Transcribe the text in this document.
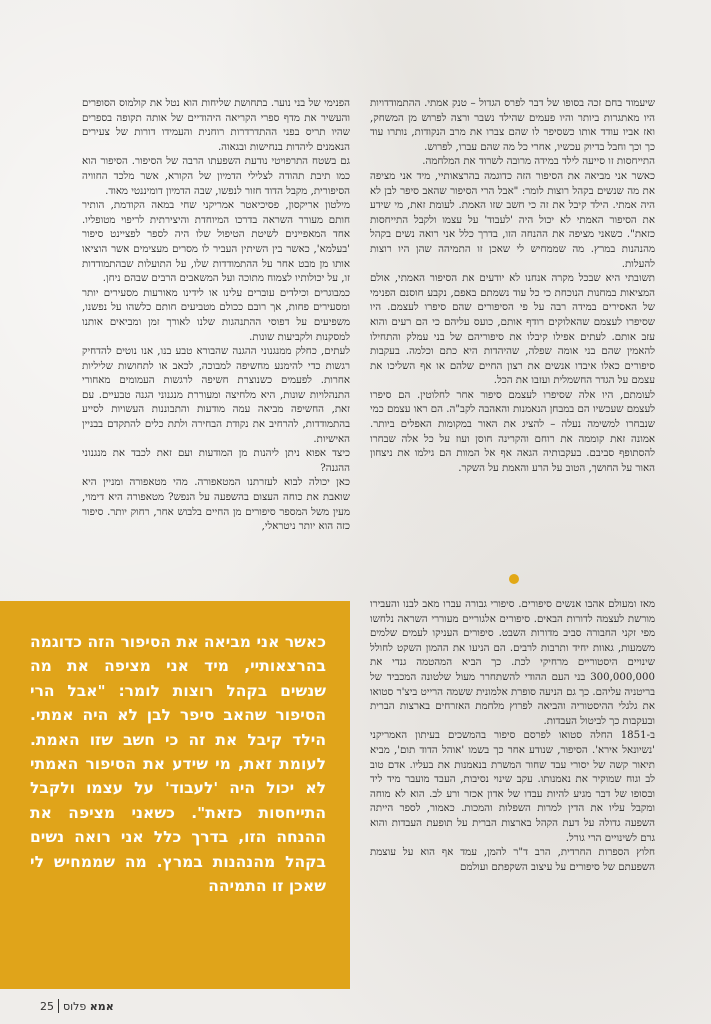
שיעמוד בחם זכה בסופו של דבר לפרס הגדול – טנק אמתי. ההתמודדויות היו מאתגרות ביותר והיו פעמים שהילד נשבר ורצה לפרוש מן המשחק, ואז אביו עודד אותו כשסיפר לו שהם צברו את מרב הנקודות, נותרו עוד כך וכך וחבל בדיוק עכשיו, אחרי כל מה שהם עברו, לפרוש.

התייחסות זו סייעה לילד במידה מרובה לשרוד את המלחמה.

כאשר אני מביאה את הסיפור הזה כדוגמה בהרצאותיי, מיד אני מציפה את מה שנשים בקהל רוצות לומר: "אבל הרי הסיפור שהאב סיפר לבן לא היה אמתי. הילד קיבל את זה כי חשב שזו האמת. לעומת זאת, מי שידע את הסיפור האמתי לא יכול היה 'לעבוד' על עצמו ולקבל התייחסות כזאת". כשאני מציפה את ההנחה הזו, בדרך כלל אני רואה נשים בקהל מהנהנות במרץ. מה שממחיש לי שאכן זו התמיהה שהן היו רוצות להעלות.

תשובתי היא שבכל מקרה אנחנו לא יודעים את הסיפור האמתי, אולם המציאות במחנות הנוכחת כי כל עוד נשמתם באפם, נקבע חוסנם הפנימי של האסירים במידה רבה על פי הסיפורים שהם סיפרו לעצמם. היו שסיפרו לעצמם שהאלוקים רודף אותם, כועס עליהם כי הם רעים והוא עזב אותם. לעתים אפילו קיבלו את סיפוריהם של בני עמלק והתחילו להאמין שהם בני אומה שפלה, שהיהדות היא כתם וכלמה. בעקבות סיפורים כאלו איבדו אנשים את רצון החיים שלהם או אף השליכו את עצמם על הגדר החשמלית ועזבו את הכל.

לעומתם, היו אלה שסיפרו לעצמם סיפור אחר לחלוטין. הם סיפרו לעצמם שעכשיו הם במבחן הנאמנות והאהבה לקב"ה. הם ראו עצמם כמי שנבחרו למשימה נעלה – להציג את האור במקומות האפלים ביותר. אמונה זאת קוממה את רוחם והקרינה חוסן ועוז על כל אלה שבחרו להסתופף סביבם. בעקבותיה הגאה אף אל המוות הם גילמו את ניצחון האור על החושך, הטוב על הרע והאמת על השקר.

מאז ומעולם אהבו אנשים סיפורים. סיפורי גבורה עברו מאב לבנו והעבירו מורשת לעצמה לדורות הבאים. סיפורים אלגוריים מעוררי השראה נלחשו מפי זקני החבורה סביב מדורות השבט. סיפורים העניקו לעמים שלמים משמעות, גאוות יחיד ותרבות לרבים. הם הניעו את ההמון השקט לחולל שינויים היסטוריים מרחיקי לכת. כך הביא המהטמה גנדי את 300,000,000 בני העם ההודי להשתחרר מעול שלטונה המכביד של בריטניה עליהם. כך גם הניעה סופרת אלמונית ששמה הרייט ביצ'ר סטואו את גלגלי ההיסטוריה והביאה לפרוץ מלחמת האזרחים בארצות הברית ובעקבות כך לביטול העבדות.

ב-1851 החלה סטואו לפרסם סיפור בהמשכים בעיתון האמריקני 'נשיונאל אירא'. הסיפור, שנודע אחר כך בשמו 'אוהל הדוד תום', מביא תיאור קשה של יסורי עבד שחור המשרת בנאמנות את בעליו. אדם טוב לב וגוח שמוקיר את נאמנותו. עקב שינוי נסיבות, העבד מועבר מיד ליד ובסופו של דבר מגיע להיות עבדו של אדון אכזר ורע לב. הוא לא מוחה ומקבל עליו את הדין למרות השפלות והמכות. כאמור, לספר הייתה השפעה גדולה על דעת הקהל בארצות הברית על תופעת העבדות והוא גרם לשינויים הרי גורל.

חלוץ הספרות החרדית, הרב ד"ר להמן, עמד אף הוא על עוצמת השפעתם של סיפורים על עיצוב השקפתם ועולמם

הפנימי של בני נוער. בתחושת שליחות הוא נטל את קולמוס הסופרים והעשיר את מדף ספרי הקריאה היהודיים של אותה תקופה בספרים שהיו תריס בפני ההתדרדרות רוחנית והעמידו דורות של צעירים הנאמנים ליהדות בנחישות ובגאוה.

גם בשטח התרפויטי נודעת השפעתו הרבה של הסיפור. הסיפור הוא כמו תיבת תהודה לצלילי הדמיון של הקורא, אשר מלכד החוויה הסיפורית, מקבל הדוד חזור לנפשו, שבה הדמיון דומיננטי מאוד.

מילטון אריקסון, פסיכיאטר אמריקני שחי במאה הקודמת, הותיר חותם מעורר השראה בדרכו המיוחדת והיצירתית לריפוי מטופליו. אחד המאפיינים לשיטת הטיפול שלו היה לספר לפציינט סיפור 'בעלמא', כאשר בין השיתין העביר לו מסרים מעצימים אשר הוציאו אותו מן מבט אחר על ההתמודדות שלו, על התועלות שבהתמודדות זו, על יכולותיו לצמוח מתוכה ועל המשאבים הרבים שבהם ניחן.

כמבוגרים וכילדים עוברים עלינו או לידינו מאורעות מסעירים יותר ומסעירים פחות, אך רובם ככולם מטביעים חותם כלשהו על נפשנו, משפיעים על דפוסי ההתנהגות שלנו לאורך זמן ומביאים אותנו למסקנות ולקביעות שונות.

לעתים, כחלק ממנגנוני ההגנה שהבורא טבע בנו, אנו נוטים להדחיק רגשות כדי להימנע מחשיפה למבוכה, לכאב או לתחושות שליליות אחרות. לפעמים כשנוצרת חשיפה לרגשות העמומים מאחורי התנהלויות שונות, היא מלחיצה ומעוררת מנגנוני הגנה טבעיים. עם זאת, החשיפה מביאה עמה מודעות והתבוננות העשויות לסייע בהתמודדות, להרחיב את נקודת הבחירה ולתת כלים להתקדם בבניין האישיות.

כיצד אפוא ניתן ליהנות מן המודעות ועם זאת לכבד את מנגנוני ההגנה?

כאן יכולה לבוא לעזרתנו המטאפורה. מהי מטאפורה ומניין היא שואבת את כוחה העצום בהשפעה על הנפש? מטאפורה היא דימוי, מעין משל המספר סיפורים מן החיים בלבוש אחר, רחוק יותר. סיפור כזה הוא יותר ניטראלי,

כאשר אני מביאה את הסיפור הזה כדוגמה בהרצאותיי, מיד אני מציפה את מה שנשים בקהל רוצות לומר: "אבל הרי הסיפור שהאב סיפר לבן לא היה אמתי. הילד קיבל את זה כי חשב שזו האמת. לעומת זאת, מי שידע את הסיפור האמתי לא יכול היה 'לעבוד' על עצמו ולקבל התייחסות כזאת". כשאני מציפה את ההנחה הזו, בדרך כלל אני רואה נשים בקהל מהנהנות במרץ. מה שממחיש לי שאכן זו התמיהה

25	אמא פלוס
